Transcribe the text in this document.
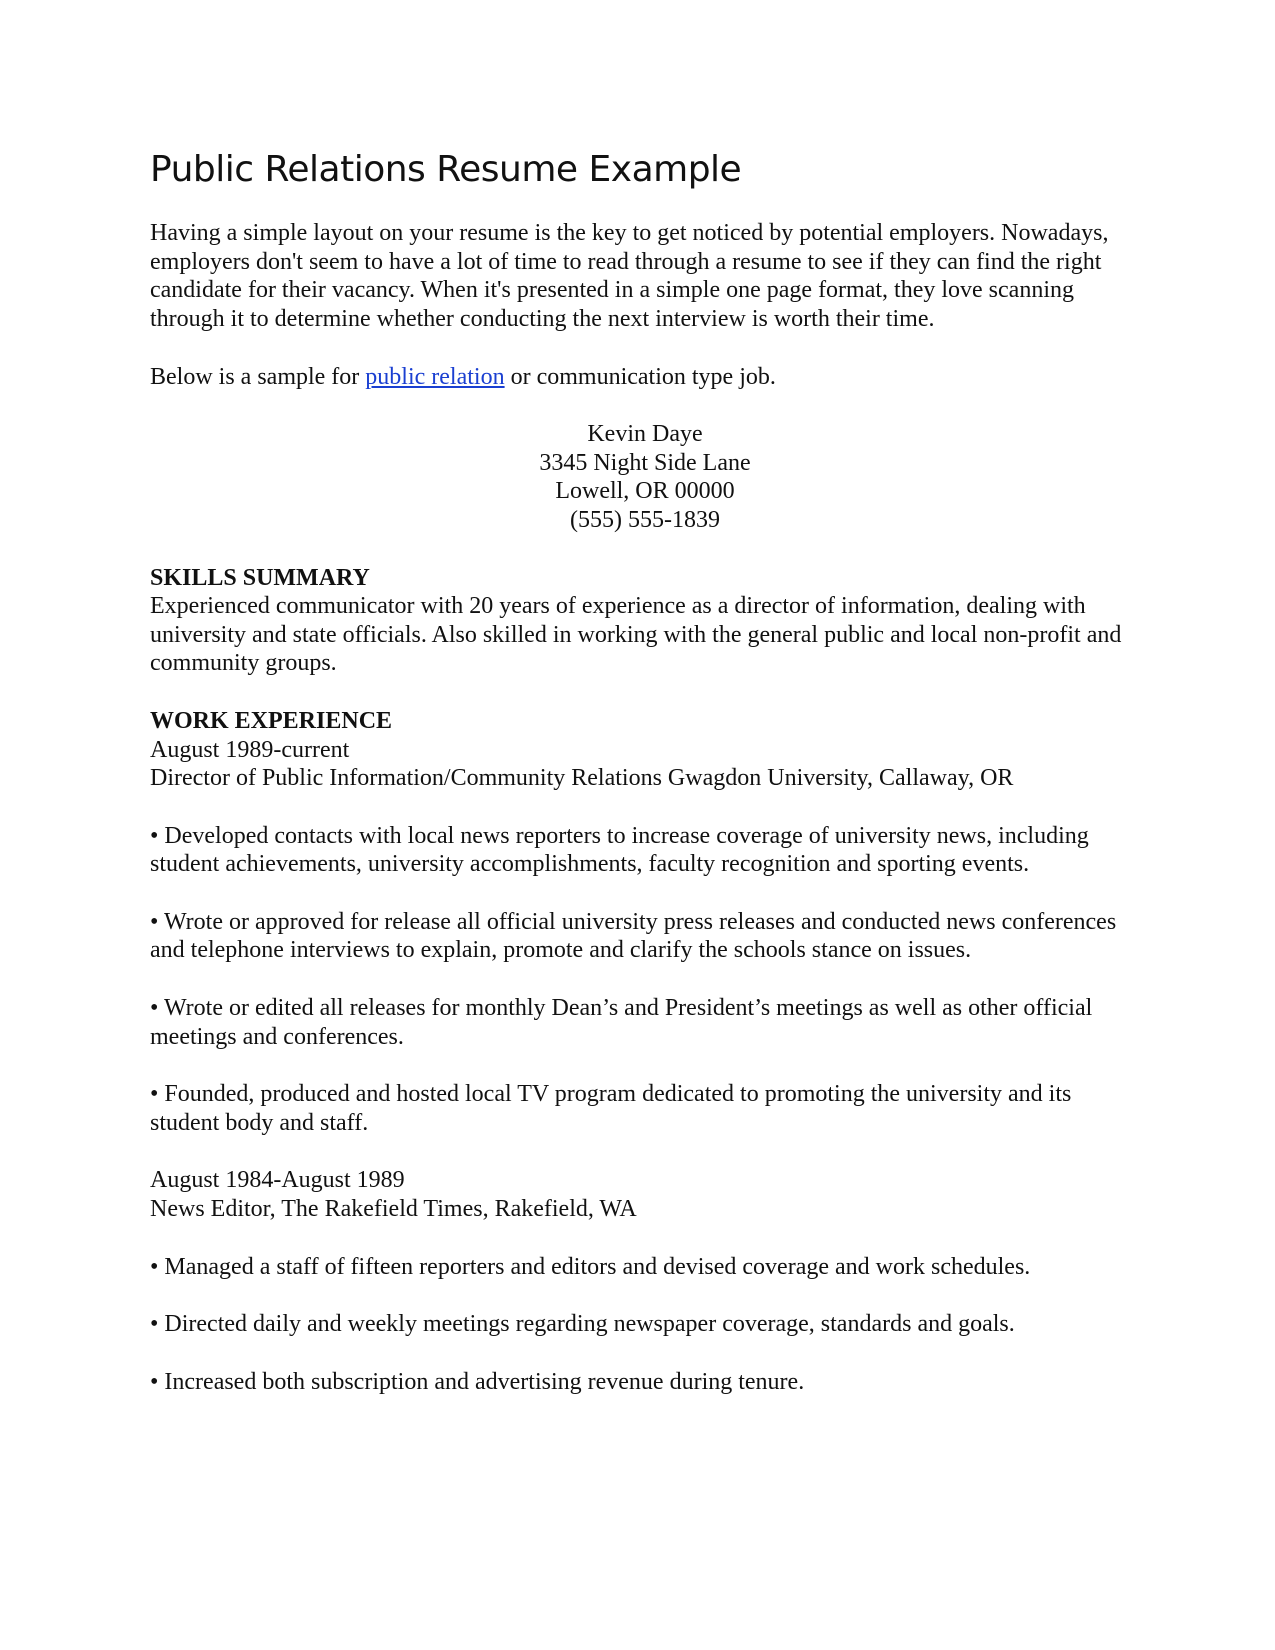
Public Relations Resume Example

Having a simple layout on your resume is the key to get noticed by potential employers. Nowadays, employers don't seem to have a lot of time to read through a resume to see if they can find the right candidate for their vacancy. When it's presented in a simple one page format, they love scanning through it to determine whether conducting the next interview is worth their time.

Below is a sample for public relation or communication type job.

Kevin Daye
3345 Night Side Lane
Lowell, OR 00000
(555) 555-1839

SKILLS SUMMARY

Experienced communicator with 20 years of experience as a director of information, dealing with university and state officials. Also skilled in working with the general public and local non-profit and community groups.

WORK EXPERIENCE

August 1989-current

Director of Public Information/Community Relations Gwagdon University, Callaway, OR

• Developed contacts with local news reporters to increase coverage of university news, including student achievements, university accomplishments, faculty recognition and sporting events.

• Wrote or approved for release all official university press releases and conducted news conferences and telephone interviews to explain, promote and clarify the schools stance on issues.

• Wrote or edited all releases for monthly Dean’s and President’s meetings as well as other official meetings and conferences.

• Founded, produced and hosted local TV program dedicated to promoting the university and its student body and staff.

August 1984-August 1989

News Editor, The Rakefield Times, Rakefield, WA

• Managed a staff of fifteen reporters and editors and devised coverage and work schedules.

• Directed daily and weekly meetings regarding newspaper coverage, standards and goals.

• Increased both subscription and advertising revenue during tenure.
